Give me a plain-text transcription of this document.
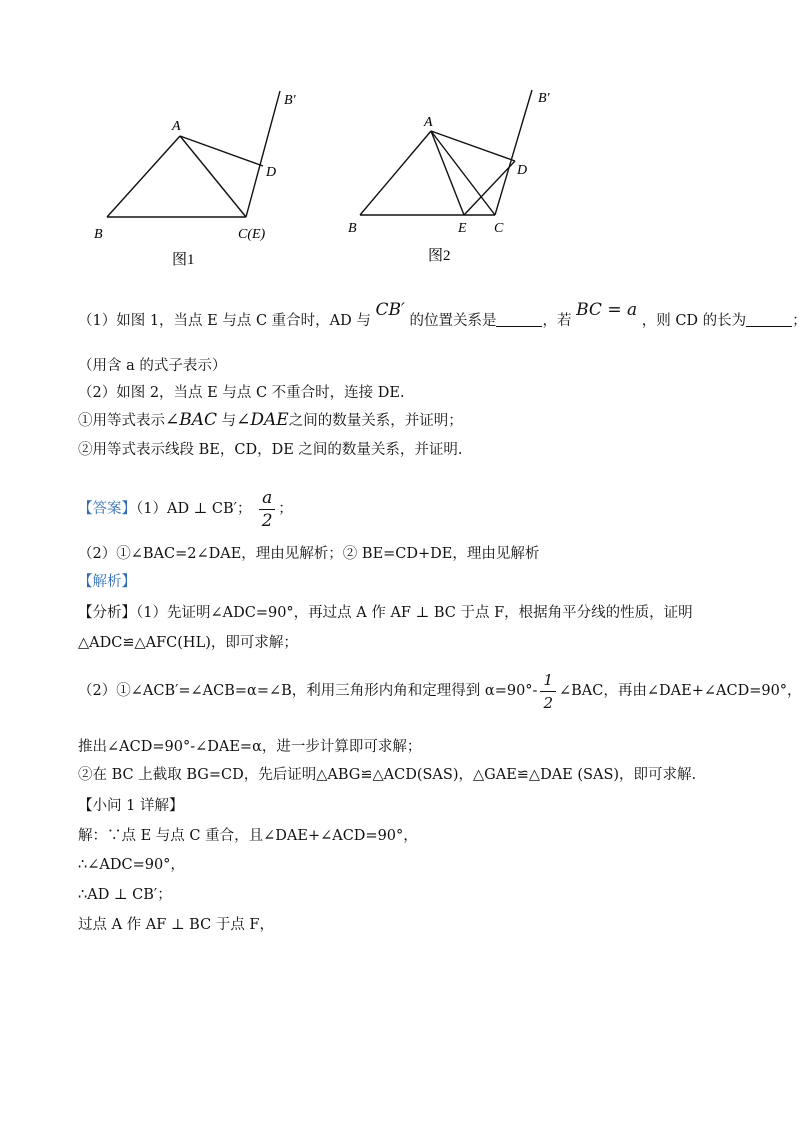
B'
A
D
B	C(E)
图1
B'
A
D
B	E C
图2
（1）如图 1，当点 E 与点 C 重合时，AD 与 CB′ 的位置关系是	，若 BC = a ，则 CD 的长为	；
（用含 a 的式子表示）
（2）如图 2，当点 E 与点 C 不重合时，连接 DE.
①用等式表示∠BAC 与∠DAE之间的数量关系，并证明；
②用等式表示线段 BE，CD，DE 之间的数量关系，并证明.
【答案】（1）AD ⊥ CB′； $\frac{a}{2}$ ；
（2）①∠BAC=2∠DAE，理由见解析；② BE=CD+DE，理由见解析
【解析】
【分析】（1）先证明∠ADC=90°，再过点 A 作 AF ⊥ BC 于点 F，根据角平分线的性质，证明
△ADC≌△AFC(HL)，即可求解；
（2）①∠ACB′=∠ACB=α=∠B，利用三角形内角和定理得到 $\alpha=90^\circ- \frac{1}{2}$ ∠BAC，再由∠DAE+∠ACD=90°，
推出∠ACD=90°-∠DAE=α，进一步计算即可求解；
②在 BC 上截取 BG=CD，先后证明△ABG≌△ACD(SAS)，△GAE≌△DAE (SAS)，即可求解.
【小问 1 详解】
解：∵点 E 与点 C 重合，且∠DAE+∠ACD=90°，
∴∠ADC=90°，
∴AD ⊥ CB′；
过点 A 作 AF ⊥ BC 于点 F，
